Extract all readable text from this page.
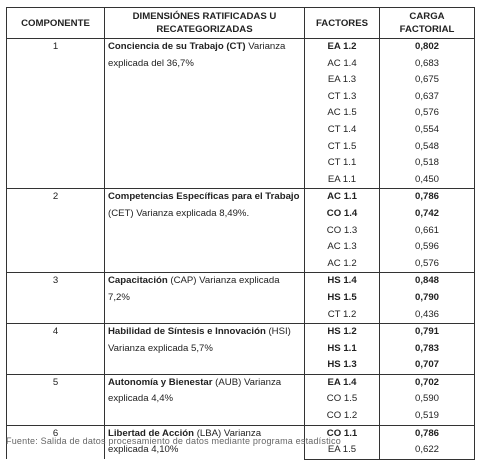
COMPONENTE	DIMENSIÓNES RATIFICADAS U RECATEGORIZADAS	FACTORES	CARGA FACTORIAL
1	Conciencia de su Trabajo (CT) Varianza explicada del 36,7%	EA 1.2	0,802
		AC 1.4	0,683
		EA 1.3	0,675
		CT 1.3	0,637
		AC 1.5	0,576
		CT 1.4	0,554
		CT 1.5	0,548
		CT 1.1	0,518
		EA 1.1	0,450
2	Competencias Específicas para el Trabajo (CET) Varianza explicada 8,49%.	AC 1.1	0,786
		CO 1.4	0,742
		CO 1.3	0,661
		AC 1.3	0,596
		AC 1.2	0,576
3	Capacitación (CAP) Varianza explicada 7,2%	HS 1.4	0,848
		HS 1.5	0,790
		CT 1.2	0,436
4	Habilidad de Síntesis e Innovación (HSI) Varianza explicada 5,7%	HS 1.2	0,791
		HS 1.1	0,783
		HS 1.3	0,707
5	Autonomía y Bienestar (AUB) Varianza explicada 4,4%	EA 1.4	0,702
		CO 1.5	0,590
		CO 1.2	0,519
6	Libertad de Acción (LBA) Varianza explicada 4,10%	CO 1.1	0,786
		EA 1.5	0,622
Fuente: Salida de datos procesamiento de datos mediante programa estadístico
